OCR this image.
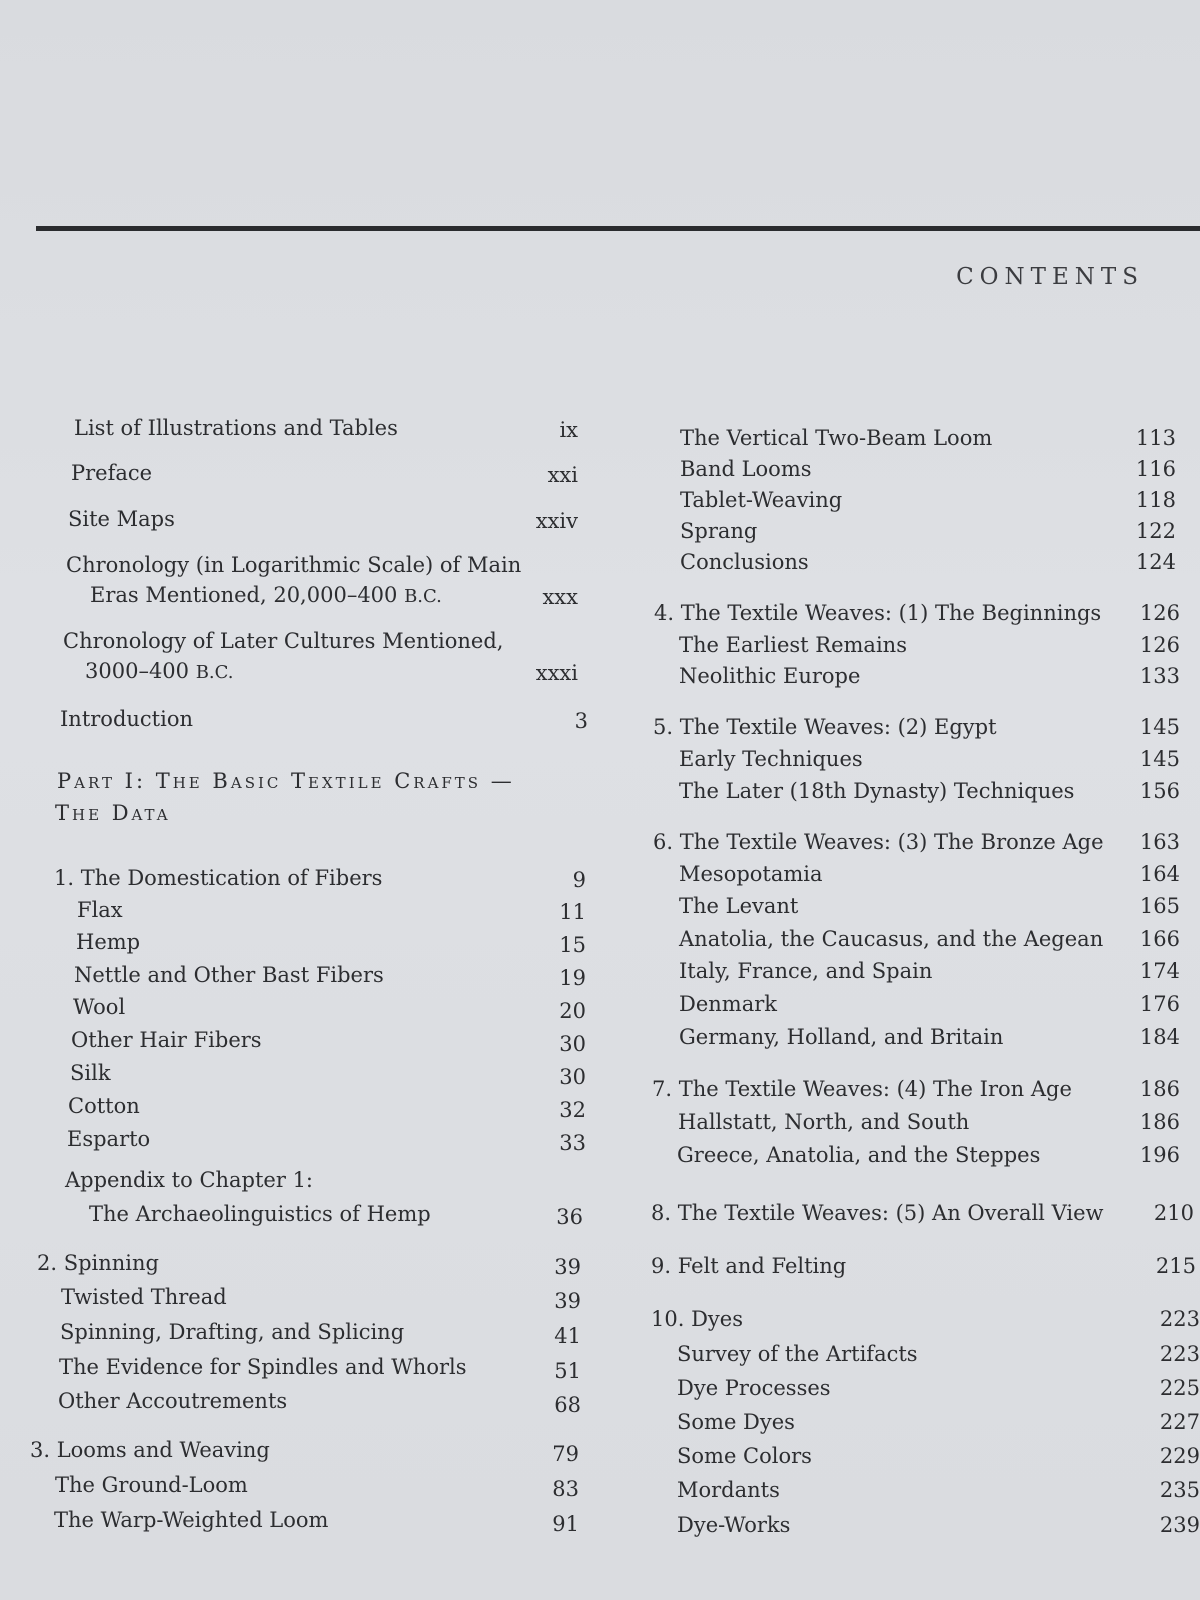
CONTENTS
List of Illustrations and Tables	ix
Preface	xxi
Site Maps	xxiv
Chronology (in Logarithmic Scale) of Main
Eras Mentioned, 20,000–400 B.C.	xxx
Chronology of Later Cultures Mentioned,
3000–400 B.C.	xxxi
Introduction	3
Part I: The Basic Textile Crafts —
The Data
1. The Domestication of Fibers	9
Flax	11
Hemp	15
Nettle and Other Bast Fibers	19
Wool	20
Other Hair Fibers	30
Silk	30
Cotton	32
Esparto	33
Appendix to Chapter 1:
The Archaeolinguistics of Hemp	36
2. Spinning	39
Twisted Thread	39
Spinning, Drafting, and Splicing	41
The Evidence for Spindles and Whorls	51
Other Accoutrements	68
3. Looms and Weaving	79
The Ground-Loom	83
The Warp-Weighted Loom	91
The Vertical Two-Beam Loom	113
Band Looms	116
Tablet-Weaving	118
Sprang	122
Conclusions	124
4. The Textile Weaves: (1) The Beginnings 126
The Earliest Remains	126
Neolithic Europe	133
5. The Textile Weaves: (2) Egypt	145
Early Techniques	145
The Later (18th Dynasty) Techniques	156
6. The Textile Weaves: (3) The Bronze Age 163
Mesopotamia	164
The Levant	165
Anatolia, the Caucasus, and the Aegean 166
Italy, France, and Spain	174
Denmark	176
Germany, Holland, and Britain	184
7. The Textile Weaves: (4) The Iron Age	186
Hallstatt, North, and South	186
Greece, Anatolia, and the Steppes	196
8. The Textile Weaves: (5) An Overall View 210
9. Felt and Felting	215
10. Dyes	223
Survey of the Artifacts	223
Dye Processes	225
Some Dyes	227
Some Colors	229
Mordants	235
Dye-Works	239
